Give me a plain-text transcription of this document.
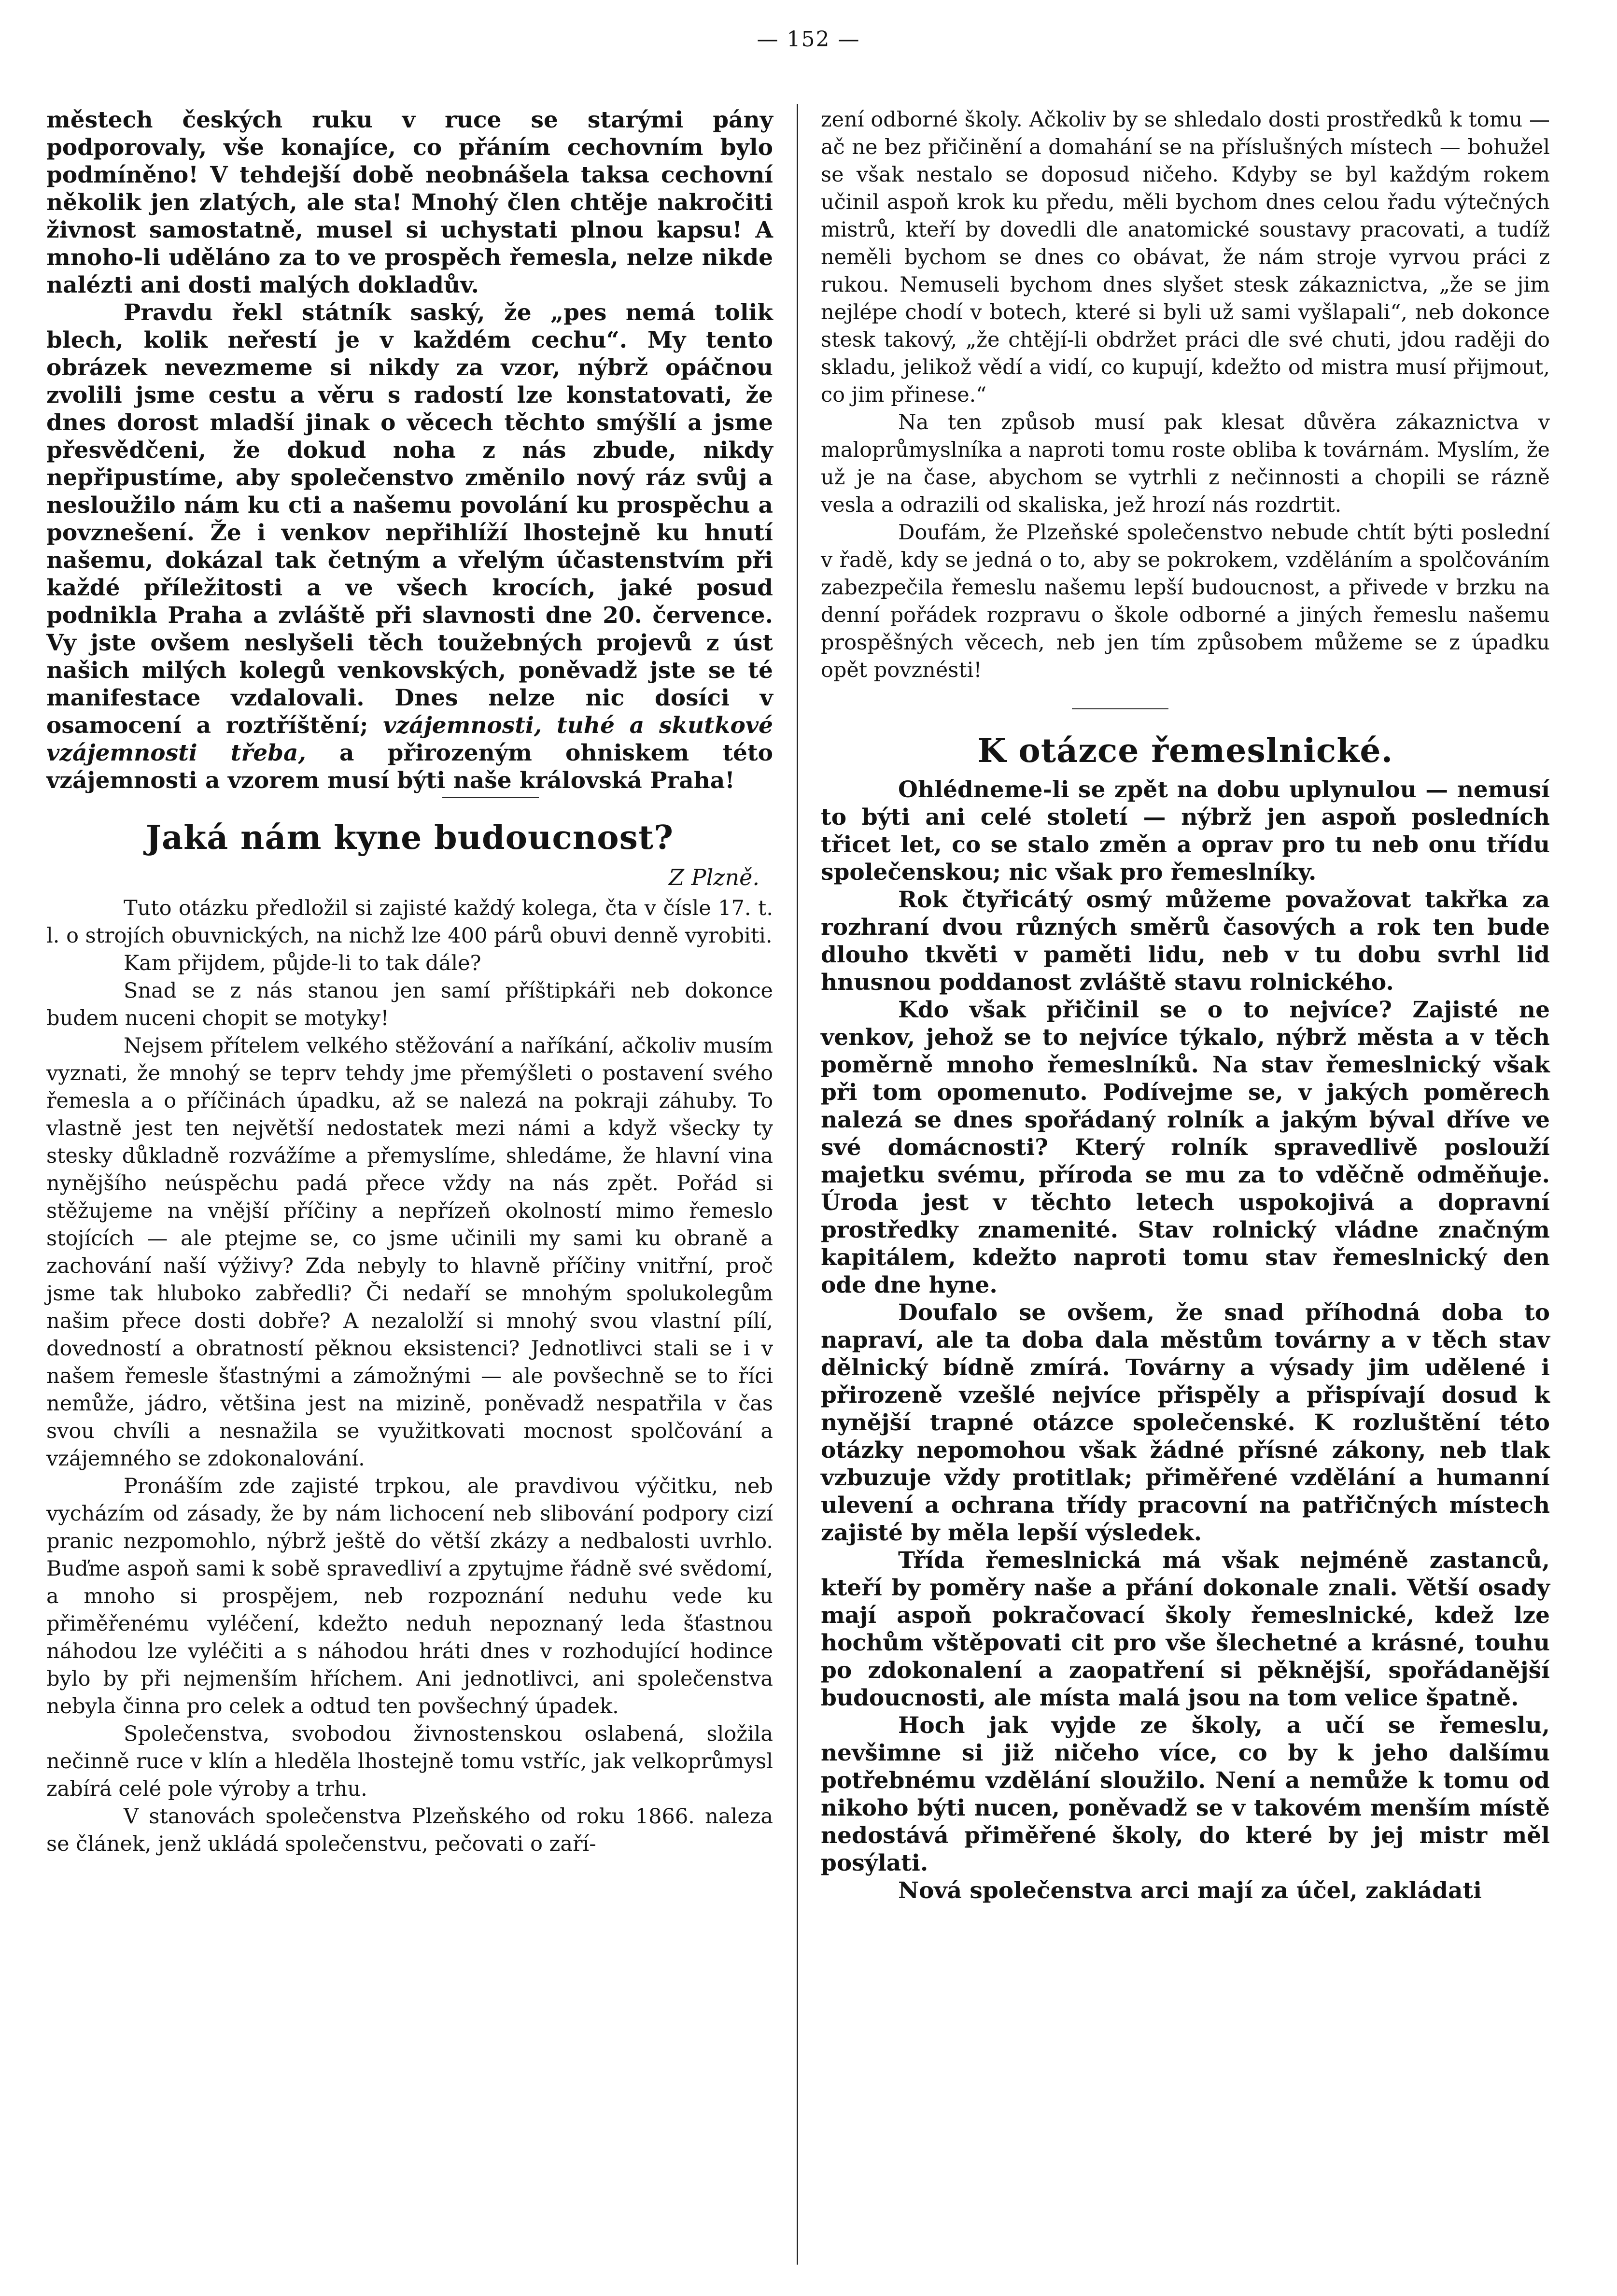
— 152 —

městech českých ruku v ruce se starými pány podporovaly, vše konajíce, co přáním cechovním bylo podmíněno! V tehdejší době neobnášela taksa cechovní několik jen zlatých, ale sta! Mnohý člen chtěje nakročiti živnost samostatně, musel si uchystati plnou kapsu! A mnoho-li uděláno za to ve prospěch řemesla, nelze nikde nalézti ani dosti malých dokladův.

Pravdu řekl státník saský, že „pes nemá tolik blech, kolik neřestí je v každém cechu“. My tento obrázek nevezmeme si nikdy za vzor, nýbrž opáčnou zvolili jsme cestu a věru s radostí lze konstatovati, že dnes dorost mladší jinak o věcech těchto smýšlí a jsme přesvědčeni, že dokud noha z nás zbude, nikdy nepřipustíme, aby společenstvo změnilo nový ráz svůj a nesloužilo nám ku cti a našemu povolání ku prospěchu a povznešení. Že i venkov nepřihlíží lhostejně ku hnutí našemu, dokázal tak četným a vřelým účastenstvím při každé příležitosti a ve všech krocích, jaké posud podnikla Praha a zvláště při slavnosti dne 20. července. Vy jste ovšem neslyšeli těch toužebných projevů z úst našich milých kolegů venkovských, poněvadž jste se té manifestace vzdalovali. Dnes nelze nic dosíci v osamocení a roztříštění; vzájemnosti, tuhé a skutkové vzájemnosti třeba, a přirozeným ohniskem této vzájemnosti a vzorem musí býti naše královská Praha!

Jaká nám kyne budoucnost?
Z Plzně.

Tuto otázku předložil si zajisté každý kolega, čta v čísle 17. t. l. o strojích obuvnických, na nichž lze 400 párů obuvi denně vyrobiti.

Kam přijdem, půjde-li to tak dále?

Snad se z nás stanou jen samí příštipkáři neb dokonce budem nuceni chopit se motyky!

Nejsem přítelem velkého stěžování a naříkání, ačkoliv musím vyznati, že mnohý se teprv tehdy jme přemýšleti o postavení svého řemesla a o příčinách úpadku, až se nalezá na pokraji záhuby. To vlastně jest ten největší nedostatek mezi námi a když všecky ty stesky důkladně rozvážíme a přemyslíme, shledáme, že hlavní vina nynějšího neúspěchu padá přece vždy na nás zpět. Pořád si stěžujeme na vnější příčiny a nepřízeň okolností mimo řemeslo stojících — ale ptejme se, co jsme učinili my sami ku obraně a zachování naší výživy? Zda nebyly to hlavně příčiny vnitřní, proč jsme tak hluboko zabředli? Či nedaří se mnohým spolukolegům našim přece dosti dobře? A nezalolží si mnohý svou vlastní pílí, dovedností a obratností pěknou eksistenci? Jednotlivci stali se i v našem řemesle šťastnými a zámožnými — ale povšechně se to říci nemůže, jádro, většina jest na mizině, poněvadž nespatřila v čas svou chvíli a nesnažila se využitkovati mocnost spolčování a vzájemného se zdokonalování.

Pronáším zde zajisté trpkou, ale pravdivou výčitku, neb vycházím od zásady, že by nám lichocení neb slibování podpory cizí pranic nezpomohlo, nýbrž ještě do větší zkázy a nedbalosti uvrhlo. Buďme aspoň sami k sobě spravedliví a zpytujme řádně své svědomí, a mnoho si prospějem, neb rozpoznání neduhu vede ku přiměřenému vyléčení, kdežto neduh nepoznaný leda šťastnou náhodou lze vyléčiti a s náhodou hráti dnes v rozhodující hodince bylo by při nejmenším hříchem. Ani jednotlivci, ani společenstva nebyla činna pro celek a odtud ten povšechný úpadek.

Společenstva, svobodou živnostenskou oslabená, složila nečinně ruce v klín a hleděla lhostejně tomu vstříc, jak velkoprůmysl zabírá celé pole výroby a trhu.

V stanovách společenstva Plzeňského od roku 1866. naleza se článek, jenž ukládá společenstvu, pečovati o zaří-

zení odborné školy. Ačkoliv by se shledalo dosti prostředků k tomu — ač ne bez přičinění a domahání se na příslušných místech — bohužel se však nestalo se doposud ničeho. Kdyby se byl každým rokem učinil aspoň krok ku předu, měli bychom dnes celou řadu výtečných mistrů, kteří by dovedli dle anatomické soustavy pracovati, a tudíž neměli bychom se dnes co obávat, že nám stroje vyrvou práci z rukou. Nemuseli bychom dnes slyšet stesk zákaznictva, „že se jim nejlépe chodí v botech, které si byli už sami vyšlapali“, neb dokonce stesk takový, „že chtějí-li obdržet práci dle své chuti, jdou raději do skladu, jelikož vědí a vidí, co kupují, kdežto od mistra musí přijmout, co jim přinese.“

Na ten způsob musí pak klesat důvěra zákaznictva v maloprůmyslníka a naproti tomu roste obliba k továrnám. Myslím, že už je na čase, abychom se vytrhli z nečinnosti a chopili se rázně vesla a odrazili od skaliska, jež hrozí nás rozdrtit.

Doufám, že Plzeňské společenstvo nebude chtít býti poslední v řadě, kdy se jedná o to, aby se pokrokem, vzděláním a spolčováním zabezpečila řemeslu našemu lepší budoucnost, a přivede v brzku na denní pořádek rozpravu o škole odborné a jiných řemeslu našemu prospěšných věcech, neb jen tím způsobem můžeme se z úpadku opět povznésti!

K otázce řemeslnické.

Ohlédneme-li se zpět na dobu uplynulou — nemusí to býti ani celé století — nýbrž jen aspoň posledních třicet let, co se stalo změn a oprav pro tu neb onu třídu společenskou; nic však pro řemeslníky.

Rok čtyřicátý osmý můžeme považovat takřka za rozhraní dvou různých směrů časových a rok ten bude dlouho tkvěti v paměti lidu, neb v tu dobu svrhl lid hnusnou poddanost zvláště stavu rolnického.

Kdo však přičinil se o to nejvíce? Zajisté ne venkov, jehož se to nejvíce týkalo, nýbrž města a v těch poměrně mnoho řemeslníků. Na stav řemeslnický však při tom opomenuto. Podívejme se, v jakých poměrech nalezá se dnes spořádaný rolník a jakým býval dříve ve své domácnosti? Který rolník spravedlivě poslouží majetku svému, příroda se mu za to vděčně odměňuje. Úroda jest v těchto letech uspokojivá a dopravní prostředky znamenité. Stav rolnický vládne značným kapitálem, kdežto naproti tomu stav řemeslnický den ode dne hyne.

Doufalo se ovšem, že snad příhodná doba to napraví, ale ta doba dala městům továrny a v těch stav dělnický bídně zmírá. Továrny a výsady jim udělené i přirozeně vzešlé nejvíce přispěly a přispívají dosud k nynější trapné otázce společenské. K rozluštění této otázky nepomohou však žádné přísné zákony, neb tlak vzbuzuje vždy protitlak; přiměřené vzdělání a humanní ulevení a ochrana třídy pracovní na patřičných místech zajisté by měla lepší výsledek.

Třída řemeslnická má však nejméně zastanců, kteří by poměry naše a přání dokonale znali. Větší osady mají aspoň pokračovací školy řemeslnické, kdež lze hochům vštěpovati cit pro vše šlechetné a krásné, touhu po zdokonalení a zaopatření si pěknější, spořádanější budoucnosti, ale místa malá jsou na tom velice špatně.

Hoch jak vyjde ze školy, a učí se řemeslu, nevšimne si již ničeho více, co by k jeho dalšímu potřebnému vzdělání sloužilo. Není a nemůže k tomu od nikoho býti nucen, poněvadž se v takovém menším místě nedostává přiměřené školy, do které by jej mistr měl posýlati.

Nová společenstva arci mají za účel, zakládati
